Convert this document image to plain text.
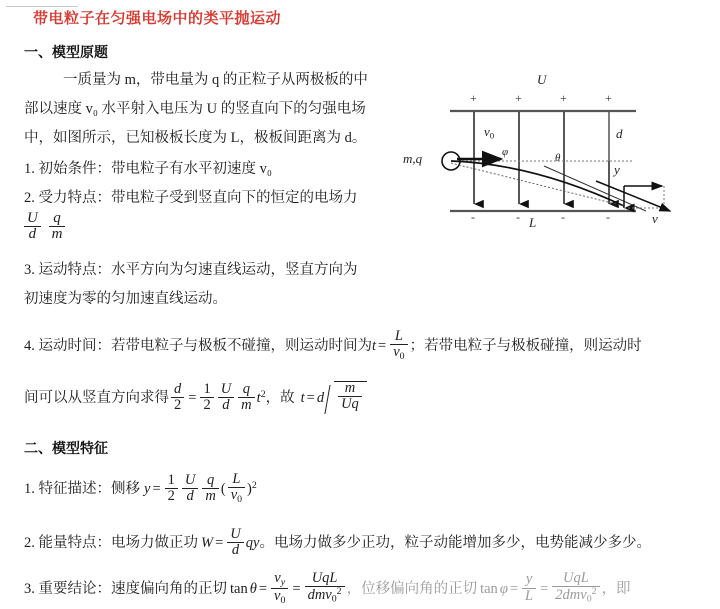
带电粒子在匀强电场中的类平抛运动
一、模型原题
一质量为 m，带电量为 q 的正粒子从两极板的中
部以速度 v₀ 水平射入电压为 U 的竖直向下的匀强电场
中，如图所示，已知极板长度为 L，极板间距离为 d。
1. 初始条件：带电粒子有水平初速度 v₀
2. 受力特点：带电粒子受到竖直向下的恒定的电场力
$\frac{U}{d}$
$\frac{q}{m}$
3. 运动特点：水平方向为匀速直线运动，竖直方向为
初速度为零的匀加速直线运动。
4. 运动时间：若带电粒子与极板不碰撞，则运动时间为$t = \frac{L}{v0}$ ；若带电粒子与极板碰撞，则运动时
间可以从竖直方向求得 $\frac{d}{2} = \frac{1}{2} \frac{U}{d} \frac{q}{m} t^2$，故 t = d $\frac{m}{Uq}$
二、模型特征
1. 特征描述：侧移 $y = \frac{1}{2} \frac{U}{d} \frac{q}{m}$ ( $\frac{L}{v0} )^2$
2. 能量特点：电场力做正功 $W = \frac{U}{d}$ qy。电场力做多少正功，粒子动能增加多少，电势能减少多少。
3. 重要结论：速度偏向角的正切 $\tan \theta = \frac{v_y}{v0} = \frac{\text{UqL}}{dmv0^2}$ ，位移偏向角的正切 $\tan \varphi = \frac{y}{L} = \frac{\text{UqL}}{2dmv0^2}$ ，即
U
+	+	+	+
-	-	-	-
v0	d
y
L	v
m,q	φ	θ
